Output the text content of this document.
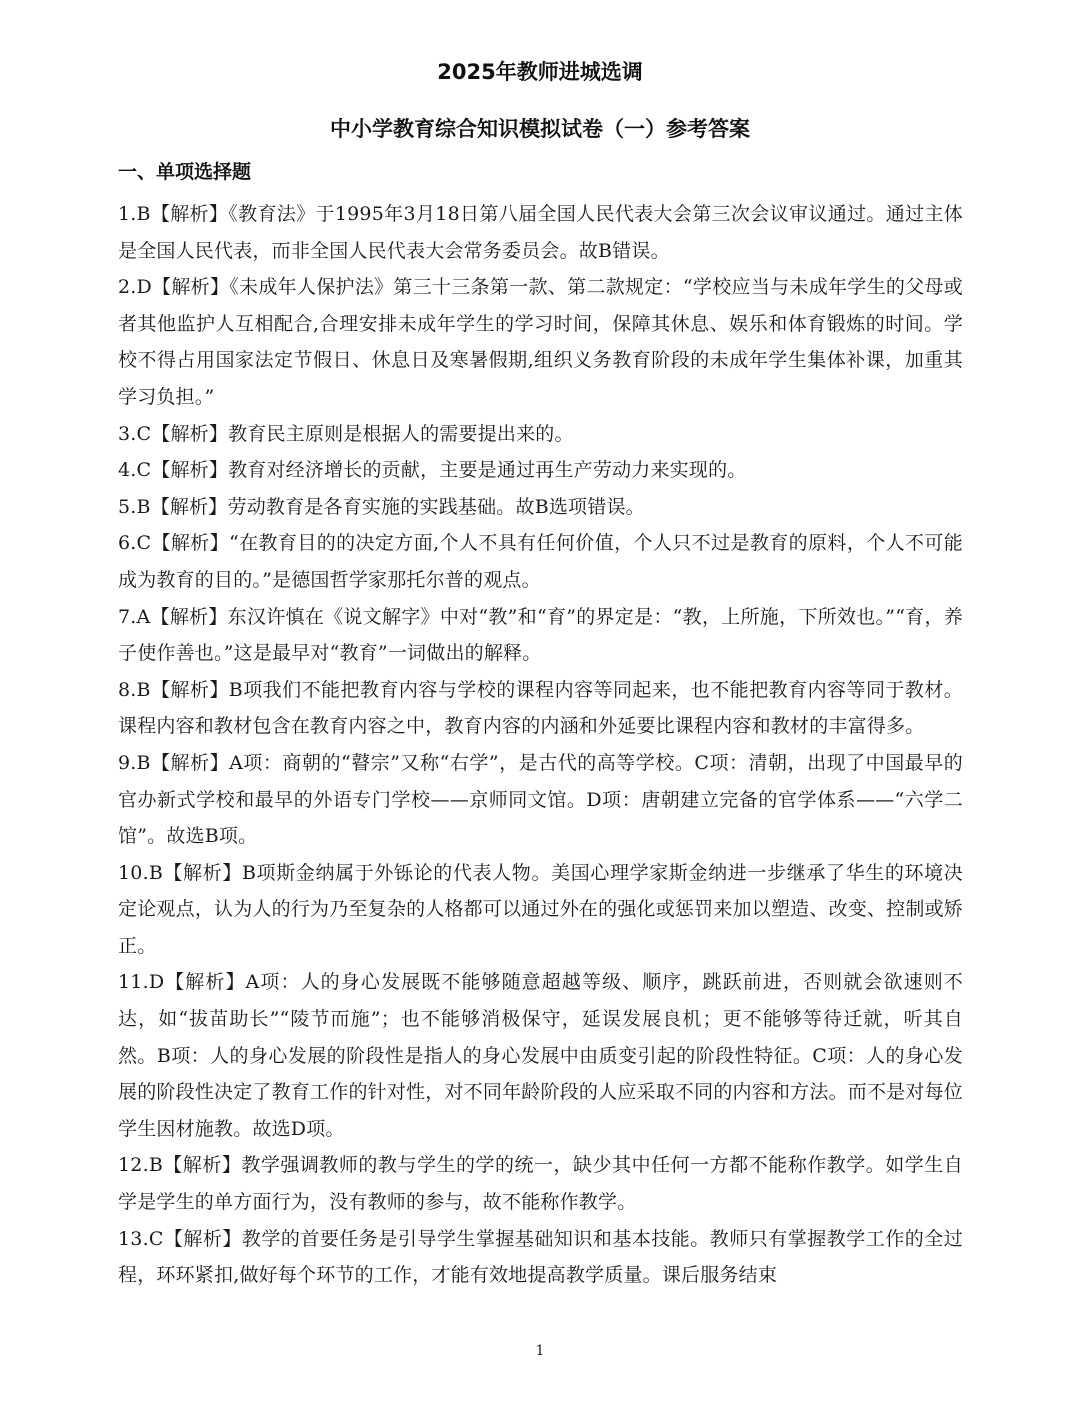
2025年教师进城选调
中小学教育综合知识模拟试卷（一）参考答案
一、单项选择题

1.B【解析】《教育法》于1995年3月18日第八届全国人民代表大会第三次会议审议通过。通过主体是全国人民代表，而非全国人民代表大会常务委员会。故B错误。

2.D【解析】《未成年人保护法》第三十三条第一款、第二款规定：“学校应当与未成年学生的父母或者其他监护人互相配合,合理安排未成年学生的学习时间，保障其休息、娱乐和体育锻炼的时间。学校不得占用国家法定节假日、休息日及寒暑假期,组织义务教育阶段的未成年学生集体补课，加重其学习负担。”

3.C【解析】教育民主原则是根据人的需要提出来的。

4.C【解析】教育对经济增长的贡献，主要是通过再生产劳动力来实现的。

5.B【解析】劳动教育是各育实施的实践基础。故B选项错误。

6.C【解析】“在教育目的的决定方面,个人不具有任何价值，个人只不过是教育的原料，个人不可能成为教育的目的。”是德国哲学家那托尔普的观点。

7.A【解析】东汉许慎在《说文解字》中对“教”和“育”的界定是：“教，上所施，下所效也。”“育，养子使作善也。”这是最早对“教育”一词做出的解释。

8.B【解析】B项我们不能把教育内容与学校的课程内容等同起来，也不能把教育内容等同于教材。课程内容和教材包含在教育内容之中，教育内容的内涵和外延要比课程内容和教材的丰富得多。

9.B【解析】A项：商朝的“瞽宗”又称“右学”，是古代的高等学校。C项：清朝，出现了中国最早的官办新式学校和最早的外语专门学校——京师同文馆。D项：唐朝建立完备的官学体系——“六学二馆”。故选B项。

10.B【解析】B项斯金纳属于外铄论的代表人物。美国心理学家斯金纳进一步继承了华生的环境决定论观点，认为人的行为乃至复杂的人格都可以通过外在的强化或惩罚来加以塑造、改变、控制或矫正。

11.D【解析】A项：人的身心发展既不能够随意超越等级、顺序，跳跃前进，否则就会欲速则不达，如“拔苗助长”“陵节而施”；也不能够消极保守，延误发展良机；更不能够等待迁就，听其自然。B项：人的身心发展的阶段性是指人的身心发展中由质变引起的阶段性特征。C项：人的身心发展的阶段性决定了教育工作的针对性，对不同年龄阶段的人应采取不同的内容和方法。而不是对每位学生因材施教。故选D项。

12.B【解析】教学强调教师的教与学生的学的统一，缺少其中任何一方都不能称作教学。如学生自学是学生的单方面行为，没有教师的参与，故不能称作教学。

13.C【解析】教学的首要任务是引导学生掌握基础知识和基本技能。教师只有掌握教学工作的全过程，环环紧扣,做好每个环节的工作，才能有效地提高教学质量。课后服务结束

1
